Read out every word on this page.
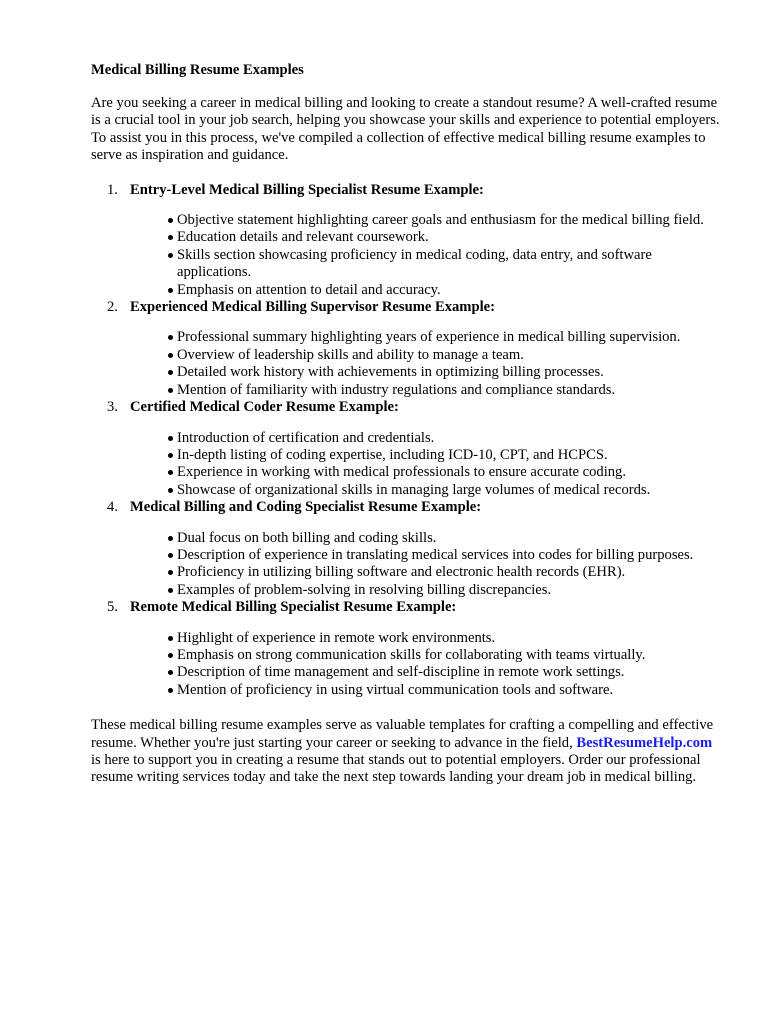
Medical Billing Resume Examples

Are you seeking a career in medical billing and looking to create a standout resume? A well-crafted resume is a crucial tool in your job search, helping you showcase your skills and experience to potential employers. To assist you in this process, we've compiled a collection of effective medical billing resume examples to serve as inspiration and guidance.

1. Entry-Level Medical Billing Specialist Resume Example:
Objective statement highlighting career goals and enthusiasm for the medical billing field.
Education details and relevant coursework.
Skills section showcasing proficiency in medical coding, data entry, and software applications.
Emphasis on attention to detail and accuracy.
2. Experienced Medical Billing Supervisor Resume Example:
Professional summary highlighting years of experience in medical billing supervision.
Overview of leadership skills and ability to manage a team.
Detailed work history with achievements in optimizing billing processes.
Mention of familiarity with industry regulations and compliance standards.
3. Certified Medical Coder Resume Example:
Introduction of certification and credentials.
In-depth listing of coding expertise, including ICD-10, CPT, and HCPCS.
Experience in working with medical professionals to ensure accurate coding.
Showcase of organizational skills in managing large volumes of medical records.
4. Medical Billing and Coding Specialist Resume Example:
Dual focus on both billing and coding skills.
Description of experience in translating medical services into codes for billing purposes.
Proficiency in utilizing billing software and electronic health records (EHR).
Examples of problem-solving in resolving billing discrepancies.
5. Remote Medical Billing Specialist Resume Example:
Highlight of experience in remote work environments.
Emphasis on strong communication skills for collaborating with teams virtually.
Description of time management and self-discipline in remote work settings.
Mention of proficiency in using virtual communication tools and software.

These medical billing resume examples serve as valuable templates for crafting a compelling and effective resume. Whether you're just starting your career or seeking to advance in the field, BestResumeHelp.com is here to support you in creating a resume that stands out to potential employers. Order our professional resume writing services today and take the next step towards landing your dream job in medical billing.
